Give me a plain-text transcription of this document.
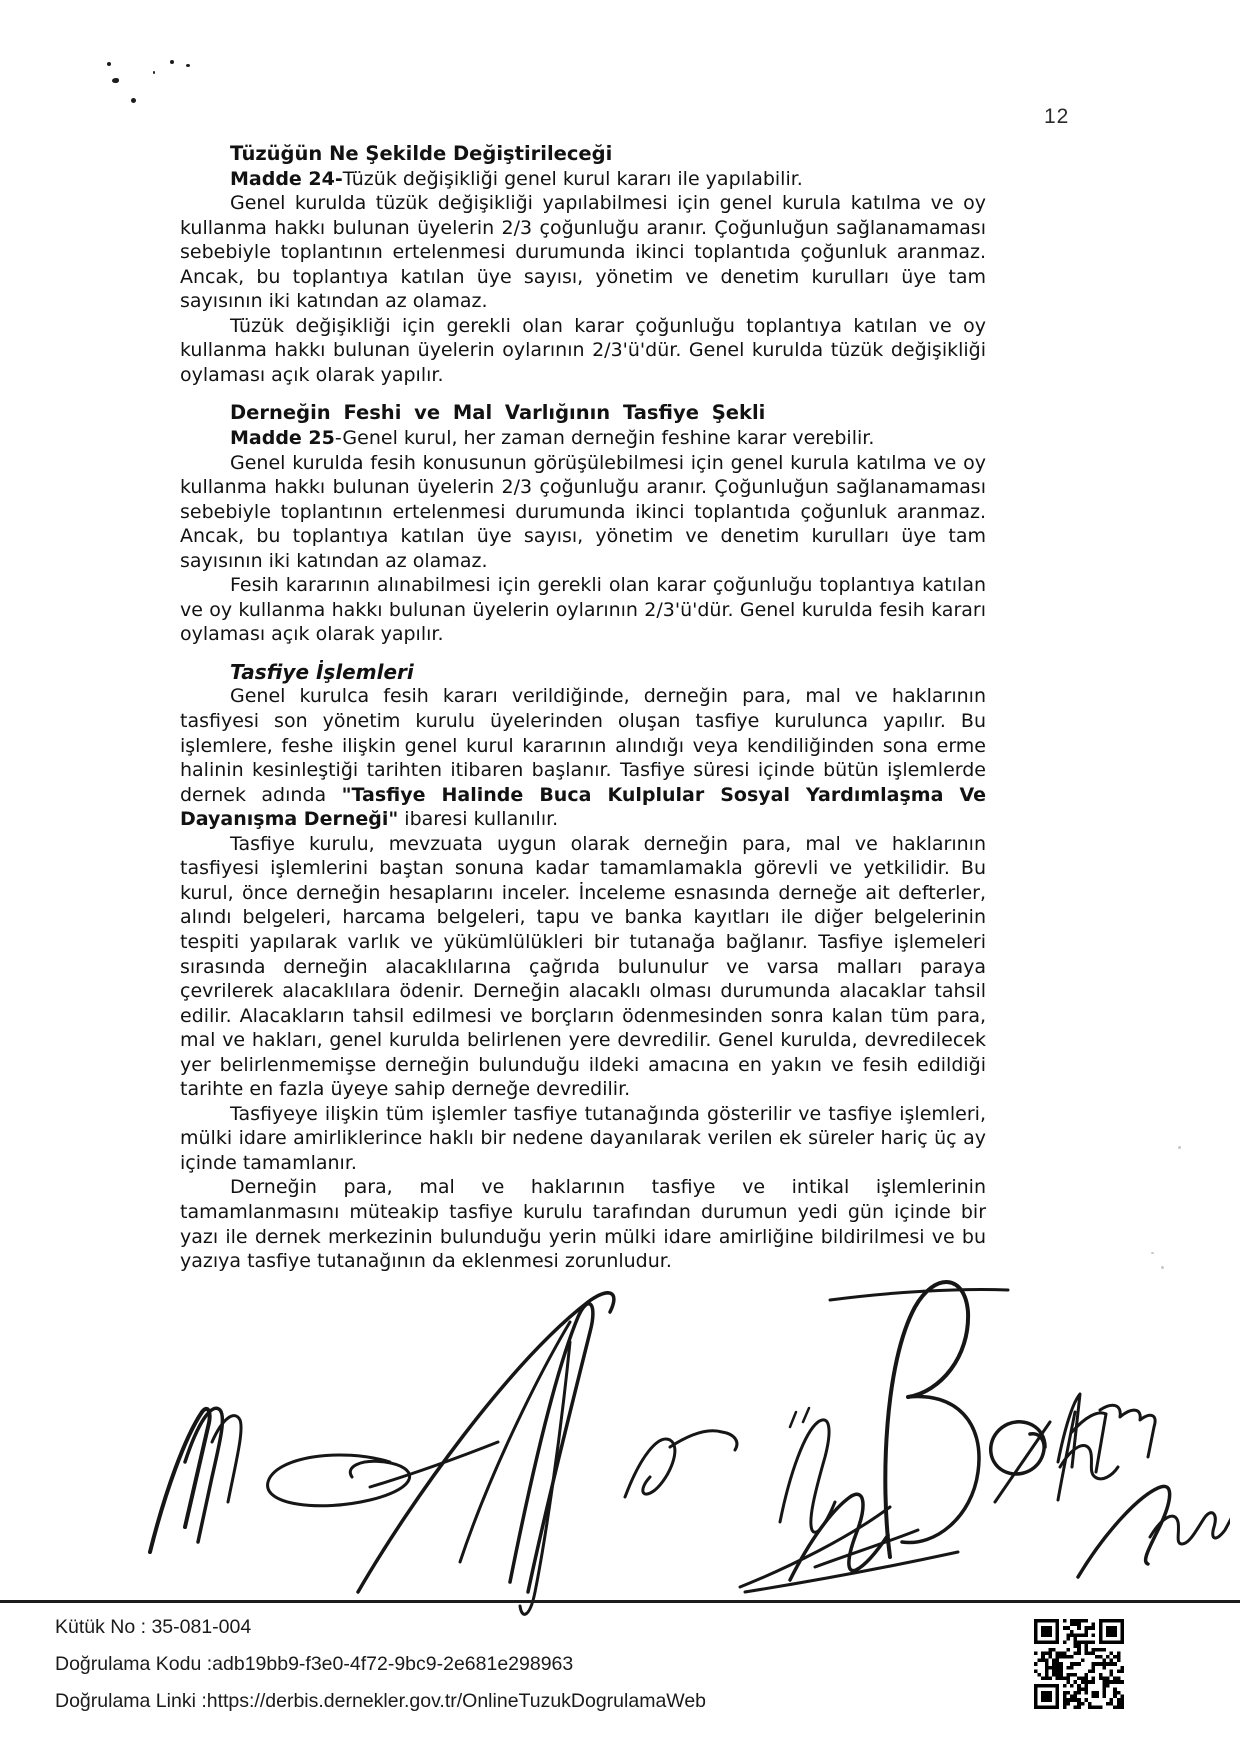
12
Tüzüğün Ne Şekilde Değiştirileceği

Madde 24-Tüzük değişikliği genel kurul kararı ile yapılabilir.

Genel kurulda tüzük değişikliği yapılabilmesi için genel kurula katılma ve oy kullanma hakkı bulunan üyelerin 2/3 çoğunluğu aranır. Çoğunluğun sağlanamaması sebebiyle toplantının ertelenmesi durumunda ikinci toplantıda çoğunluk aranmaz. Ancak, bu toplantıya katılan üye sayısı, yönetim ve denetim kurulları üye tam sayısının iki katından az olamaz.

Tüzük değişikliği için gerekli olan karar çoğunluğu toplantıya katılan ve oy kullanma hakkı bulunan üyelerin oylarının 2/3'ü'dür. Genel kurulda tüzük değişikliği oylaması açık olarak yapılır.

Derneğin Feshi ve Mal Varlığının Tasfiye Şekli

Madde 25-Genel kurul, her zaman derneğin feshine karar verebilir.

Genel kurulda fesih konusunun görüşülebilmesi için genel kurula katılma ve oy kullanma hakkı bulunan üyelerin 2/3 çoğunluğu aranır. Çoğunluğun sağlanamaması sebebiyle toplantının ertelenmesi durumunda ikinci toplantıda çoğunluk aranmaz. Ancak, bu toplantıya katılan üye sayısı, yönetim ve denetim kurulları üye tam sayısının iki katından az olamaz.

Fesih kararının alınabilmesi için gerekli olan karar çoğunluğu toplantıya katılan ve oy kullanma hakkı bulunan üyelerin oylarının 2/3'ü'dür. Genel kurulda fesih kararı oylaması açık olarak yapılır.

Tasfiye İşlemleri

Genel kurulca fesih kararı verildiğinde, derneğin para, mal ve haklarının tasfiyesi son yönetim kurulu üyelerinden oluşan tasfiye kurulunca yapılır. Bu işlemlere, feshe ilişkin genel kurul kararının alındığı veya kendiliğinden sona erme halinin kesinleştiği tarihten itibaren başlanır. Tasfiye süresi içinde bütün işlemlerde dernek adında "Tasfiye Halinde Buca Kulplular Sosyal Yardımlaşma Ve Dayanışma Derneği" ibaresi kullanılır.

Tasfiye kurulu, mevzuata uygun olarak derneğin para, mal ve haklarının tasfiyesi işlemlerini baştan sonuna kadar tamamlamakla görevli ve yetkilidir. Bu kurul, önce derneğin hesaplarını inceler. İnceleme esnasında derneğe ait defterler, alındı belgeleri, harcama belgeleri, tapu ve banka kayıtları ile diğer belgelerinin tespiti yapılarak varlık ve yükümlülükleri bir tutanağa bağlanır. Tasfiye işlemeleri sırasında derneğin alacaklılarına çağrıda bulunulur ve varsa malları paraya çevrilerek alacaklılara ödenir. Derneğin alacaklı olması durumunda alacaklar tahsil edilir. Alacakların tahsil edilmesi ve borçların ödenmesinden sonra kalan tüm para, mal ve hakları, genel kurulda belirlenen yere devredilir. Genel kurulda, devredilecek yer belirlenmemişse derneğin bulunduğu ildeki amacına en yakın ve fesih edildiği tarihte en fazla üyeye sahip derneğe devredilir.

Tasfiyeye ilişkin tüm işlemler tasfiye tutanağında gösterilir ve tasfiye işlemleri, mülki idare amirliklerince haklı bir nedene dayanılarak verilen ek süreler hariç üç ay içinde tamamlanır.

Derneğin para, mal ve haklarının tasfiye ve intikal işlemlerinin tamamlanmasını müteakip tasfiye kurulu tarafından durumun yedi gün içinde bir yazı ile dernek merkezinin bulunduğu yerin mülki idare amirliğine bildirilmesi ve bu yazıya tasfiye tutanağının da eklenmesi zorunludur.

Kütük No : 35-081-004
Doğrulama Kodu :adb19bb9-f3e0-4f72-9bc9-2e681e298963
Doğrulama Linki :https://derbis.dernekler.gov.tr/OnlineTuzukDogrulamaWeb
